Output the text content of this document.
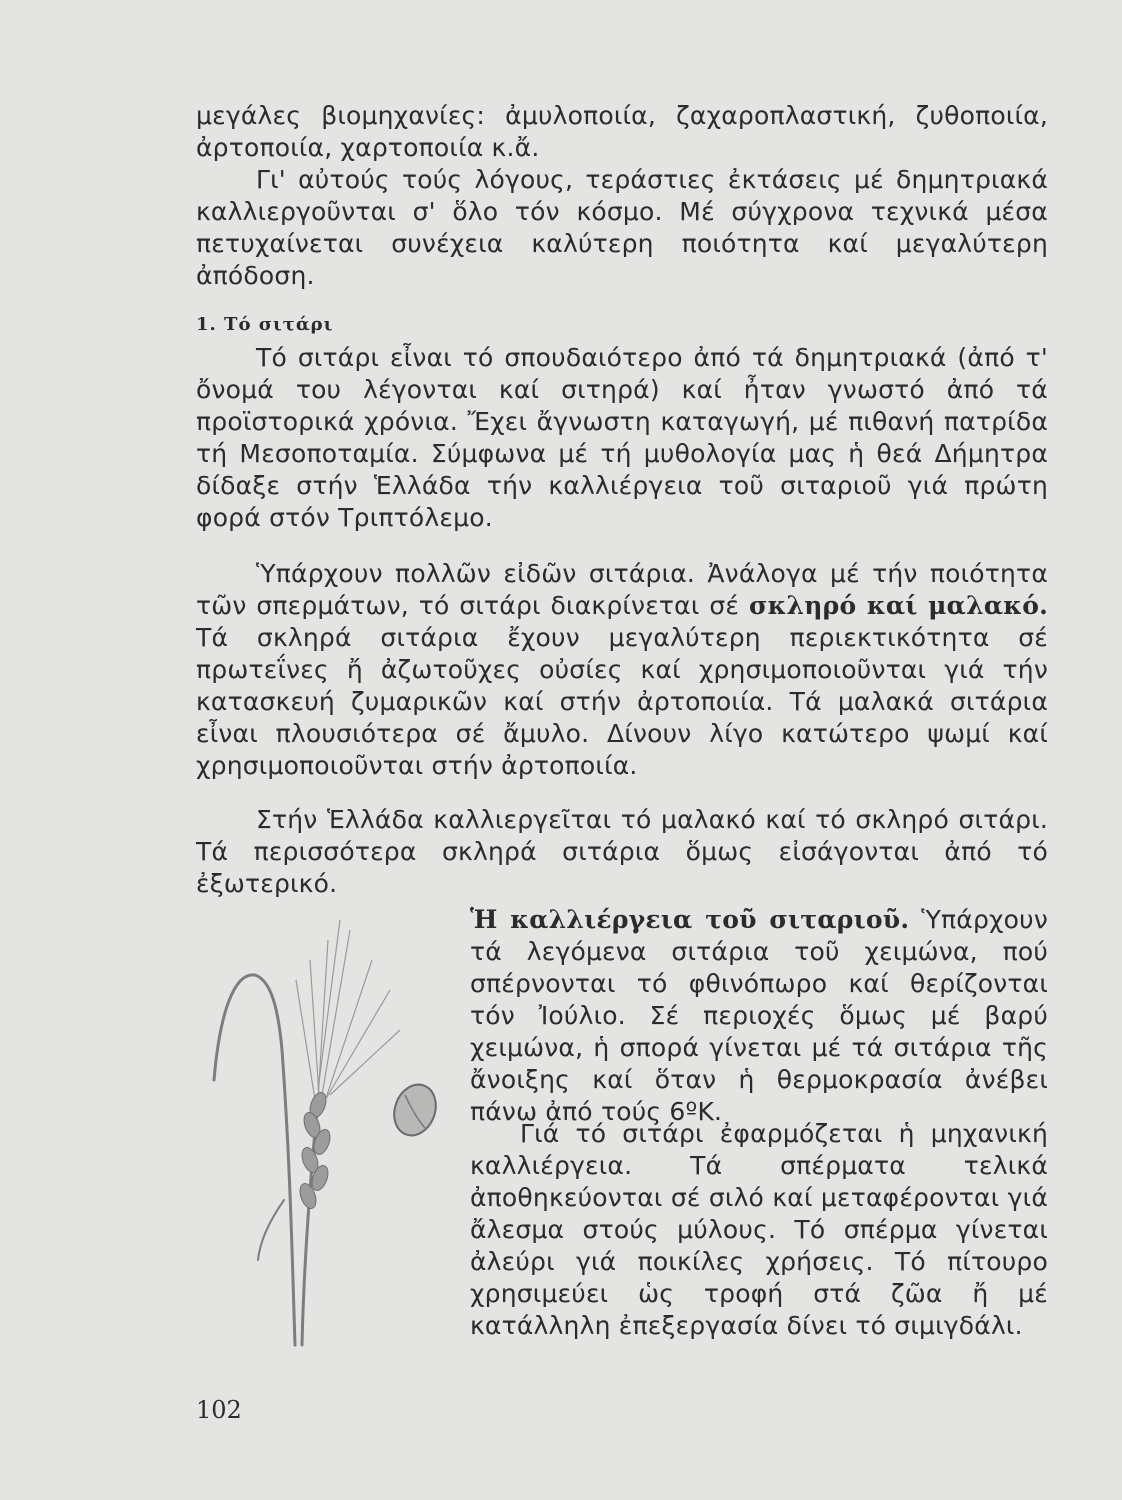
μεγάλες βιομηχανίες: ἀμυλοποιία, ζαχαροπλαστική, ζυθοποιία, ἀρτοποιία, χαρτοποιία κ.ἄ.
Γι' αὐτούς τούς λόγους, τεράστιες ἐκτάσεις μέ δημητριακά καλλιεργοῦνται σ' ὅλο τόν κόσμο. Μέ σύγχρονα τεχνικά μέσα πετυχαίνεται συνέχεια καλύτερη ποιότητα καί μεγαλύτερη ἀπόδοση.
1. Τό σιτάρι
Τό σιτάρι εἶναι τό σπουδαιότερο ἀπό τά δημητριακά (ἀπό τ' ὄνομά του λέγονται καί σιτηρά) καί ἦταν γνωστό ἀπό τά προϊστορικά χρόνια. Ἔχει ἄγνωστη καταγωγή, μέ πιθανή πατρίδα τή Μεσοποταμία. Σύμφωνα μέ τή μυθολογία μας ἡ θεά Δήμητρα δίδαξε στήν Ἑλλάδα τήν καλλιέργεια τοῦ σιταριοῦ γιά πρώτη φορά στόν Τριπτόλεμο.
Ὑπάρχουν πολλῶν εἰδῶν σιτάρια. Ἀνάλογα μέ τήν ποιότητα τῶν σπερμάτων, τό σιτάρι διακρίνεται σέ σκληρό καί μαλακό. Τά σκληρά σιτάρια ἔχουν μεγαλύτερη περιεκτικότητα σέ πρωτεΐνες ἤ ἀζωτοῦχες οὐσίες καί χρησιμοποιοῦνται γιά τήν κατασκευή ζυμαρικῶν καί στήν ἀρτοποιία. Τά μαλακά σιτάρια εἶναι πλουσιότερα σέ ἄμυλο. Δίνουν λίγο κατώτερο ψωμί καί χρησιμοποιοῦνται στήν ἀρτοποιία.
Στήν Ἑλλάδα καλλιεργεῖται τό μαλακό καί τό σκληρό σιτάρι. Τά περισσότερα σκληρά σιτάρια ὅμως εἰσάγονται ἀπό τό ἐξωτερικό.
Ἡ καλλιέργεια τοῦ σιταριοῦ. Ὑπάρχουν τά λεγόμενα σιτάρια τοῦ χειμώνα, πού σπέρνονται τό φθινόπωρο καί θερίζονται τόν Ἰούλιο. Σέ περιοχές ὅμως μέ βαρύ χειμώνα, ἡ σπορά γίνεται μέ τά σιτάρια τῆς ἄνοιξης καί ὅταν ἡ θερμοκρασία ἀνέβει πάνω ἀπό τούς 6ºΚ.
Γιά τό σιτάρι ἐφαρμόζεται ἡ μηχανική καλλιέργεια. Τά σπέρματα τελικά ἀποθηκεύονται σέ σιλό καί μεταφέρονται γιά ἄλεσμα στούς μύλους. Τό σπέρμα γίνεται ἀλεύρι γιά ποικίλες χρήσεις. Τό πίτουρο χρησιμεύει ὡς τροφή στά ζῶα ἤ μέ κατάλληλη ἐπεξεργασία δίνει τό σιμιγδάλι.
102
